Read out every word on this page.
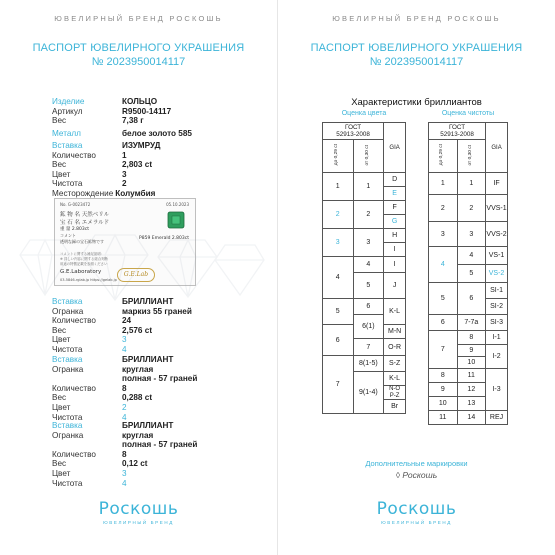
ЮВЕЛИРНЫЙ БРЕНД РОСКОШЬ
ПАСПОРТ ЮВЕЛИРНОГО УКРАШЕНИЯ
№ 2023950014117
Изделие	КОЛЬЦО
Артикул	R9500-14117
Вес	7,38 г
Металл	белое золото 585
Вставка	ИЗУМРУД
Количество	1
Вес	2,803 ct
Цвет	3
Чистота	2
Месторождение Колумбия
No. G-0023472	05.10.2023
鉱 物 名 天然ベリル
宝 石 名 エメラルド
重 量 2.803ct
コメント
透明な緑の宝石鉱物です
P859 Emerald 2.803ct
コメントに関する補足説明：
※ 詳しい内容に関する総合判断
用途の特徴記載を参照ください
G.E.Laboratory
03-5846-rglab.jp https://gelab.jp
G.E.Lab
Вставка	БРИЛЛИАНТ
Огранка	маркиз 55 граней
Количество	24
Вес	2,576 ct
Цвет	3
Чистота	4
Вставка	БРИЛЛИАНТ
Огранка	круглая
полная - 57 граней
Количество	8
Вес	0,288 ct
Цвет	2
Чистота	4
Вставка	БРИЛЛИАНТ
Огранка	круглая
полная - 57 граней
Количество	8
Вес	0,12 ct
Цвет	3
Чистота	4
Роскошь
ЮВЕЛИРНЫЙ БРЕНД
ЮВЕЛИРНЫЙ БРЕНД РОСКОШЬ
ПАСПОРТ ЮВЕЛИРНОГО УКРАШЕНИЯ
№ 2023950014117
Характеристики бриллиантов
Оценка цвета	Оценка чистоты
ГОСТ
52913-2008		GIA
до 0,29 ct	от 0,30 ct	
1	1	D
		E
2	2	F
		G
3	3	H
		I
4	4	I
	5	J

5	6	K-L
	6(1)	
6		M-N
	7	O-R
7	8(1-5)	S-Z
	9(1-4)	K-L
		N-O
P-Z
		Br
ГОСТ
52913-2008		GIA
до 0,29 ct	от 0,30 ct	
1	1	IF
2	2	VVS-1
3	3	VVS-2
4	4	VS-1
	5	VS-2
5	6	SI-1
		SI-2
6	7-7а	SI-3
7	8	I-1
	9	I-2
	10	
8	11	I-3
9	12	
10	13	
11	14	REJ
Дополнительные маркировки
◊ Роскошь
Роскошь
ЮВЕЛИРНЫЙ БРЕНД
